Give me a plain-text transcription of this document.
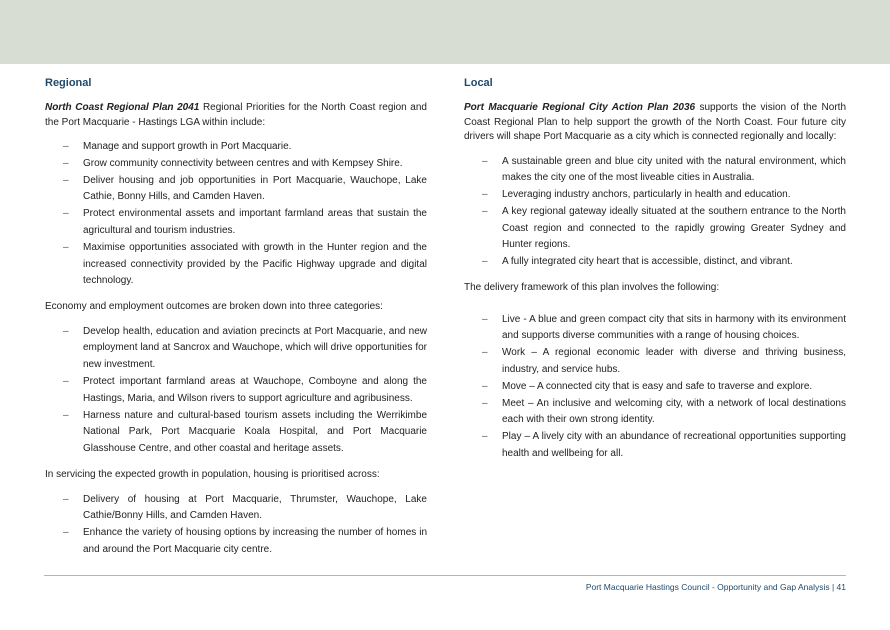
Regional

North Coast Regional Plan 2041 Regional Priorities for the North Coast region and the Port Macquarie - Hastings LGA within include:

– Manage and support growth in Port Macquarie.
– Grow community connectivity between centres and with Kempsey Shire.
– Deliver housing and job opportunities in Port Macquarie, Wauchope, Lake Cathie, Bonny Hills, and Camden Haven.
– Protect environmental assets and important farmland areas that sustain the agricultural and tourism industries.
– Maximise opportunities associated with growth in the Hunter region and the increased connectivity provided by the Pacific Highway upgrade and digital technology.

Economy and employment outcomes are broken down into three categories:

– Develop health, education and aviation precincts at Port Macquarie, and new employment land at Sancrox and Wauchope, which will drive opportunities for new investment.
– Protect important farmland areas at Wauchope, Comboyne and along the Hastings, Maria, and Wilson rivers to support agriculture and agribusiness.
– Harness nature and cultural-based tourism assets including the Werrikimbe National Park, Port Macquarie Koala Hospital, and Port Macquarie Glasshouse Centre, and other coastal and heritage assets.

In servicing the expected growth in population, housing is prioritised across:

– Delivery of housing at Port Macquarie, Thrumster, Wauchope, Lake Cathie/Bonny Hills, and Camden Haven.
– Enhance the variety of housing options by increasing the number of homes in and around the Port Macquarie city centre.
Local

Port Macquarie Regional City Action Plan 2036 supports the vision of the North Coast Regional Plan to help support the growth of the North Coast. Four future city drivers will shape Port Macquarie as a city which is connected regionally and locally:

– A sustainable green and blue city united with the natural environment, which makes the city one of the most liveable cities in Australia.
– Leveraging industry anchors, particularly in health and education.
– A key regional gateway ideally situated at the southern entrance to the North Coast region and connected to the rapidly growing Greater Sydney and Hunter regions.
– A fully integrated city heart that is accessible, distinct, and vibrant.

The delivery framework of this plan involves the following:

– Live - A blue and green compact city that sits in harmony with its environment and supports diverse communities with a range of housing choices.
– Work – A regional economic leader with diverse and thriving business, industry, and service hubs.
– Move – A connected city that is easy and safe to traverse and explore.
– Meet – An inclusive and welcoming city, with a network of local destinations each with their own strong identity.
– Play – A lively city with an abundance of recreational opportunities supporting health and wellbeing for all.
Port Macquarie Hastings Council - Opportunity and Gap Analysis | 41
